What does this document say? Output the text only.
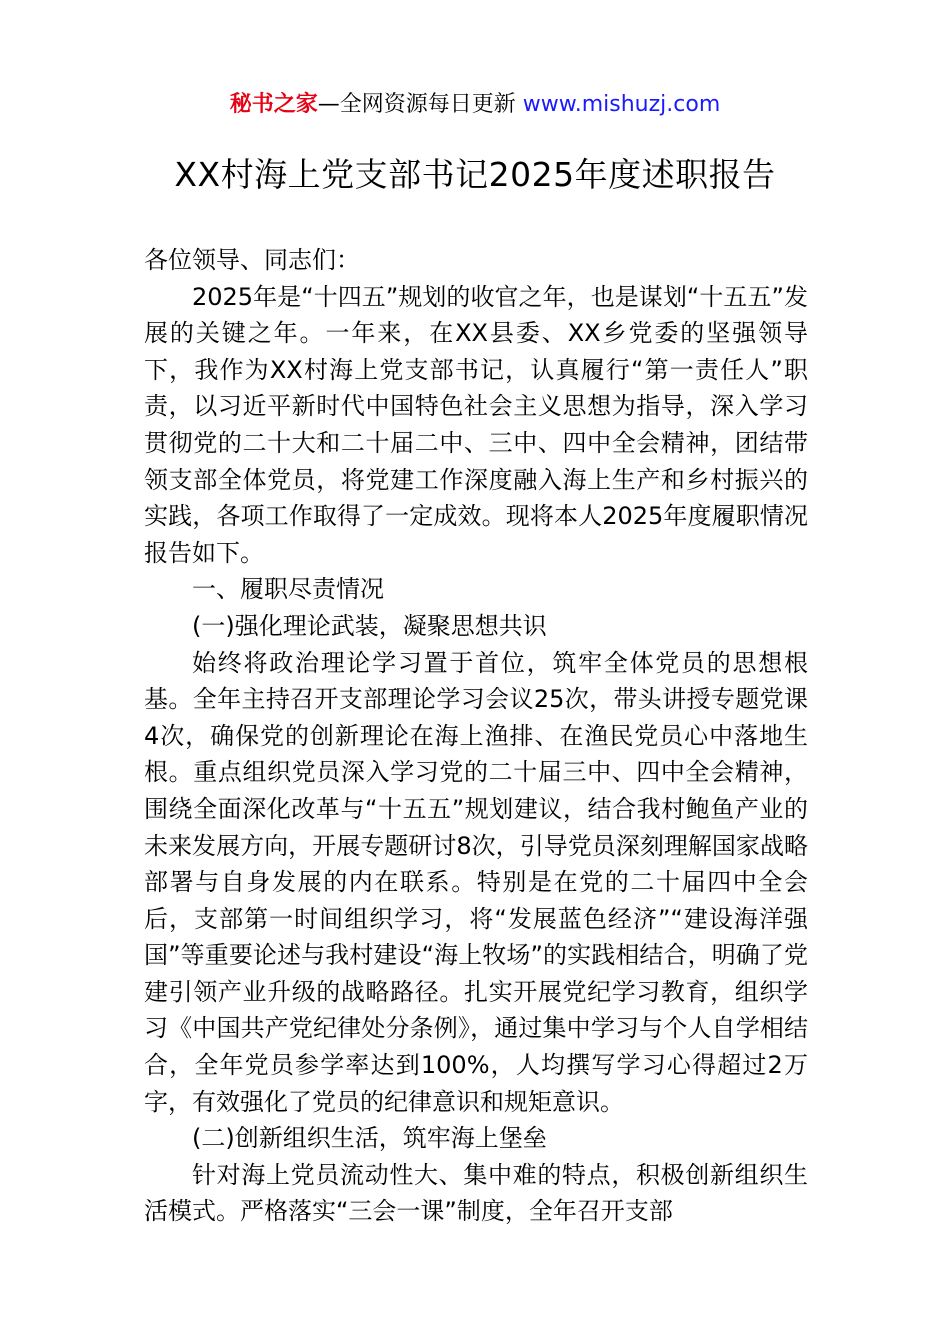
秘书之家—全网资源每日更新 www.mishuzj.com
XX村海上党支部书记2025年度述职报告

各位领导、同志们：

2025年是“十四五”规划的收官之年，也是谋划“十五五”发展的关键之年。一年来，在XX县委、XX乡党委的坚强领导下，我作为XX村海上党支部书记，认真履行“第一责任人”职责，以习近平新时代中国特色社会主义思想为指导，深入学习贯彻党的二十大和二十届二中、三中、四中全会精神，团结带领支部全体党员，将党建工作深度融入海上生产和乡村振兴的实践，各项工作取得了一定成效。现将本人2025年度履职情况报告如下。

一、履职尽责情况

(一)强化理论武装，凝聚思想共识

始终将政治理论学习置于首位，筑牢全体党员的思想根基。全年主持召开支部理论学习会议25次，带头讲授专题党课4次，确保党的创新理论在海上渔排、在渔民党员心中落地生根。重点组织党员深入学习党的二十届三中、四中全会精神，围绕全面深化改革与“十五五”规划建议，结合我村鲍鱼产业的未来发展方向，开展专题研讨8次，引导党员深刻理解国家战略部署与自身发展的内在联系。特别是在党的二十届四中全会后，支部第一时间组织学习，将“发展蓝色经济”“建设海洋强国”等重要论述与我村建设“海上牧场”的实践相结合，明确了党建引领产业升级的战略路径。扎实开展党纪学习教育，组织学习《中国共产党纪律处分条例》，通过集中学习与个人自学相结合，全年党员参学率达到100%，人均撰写学习心得超过2万字，有效强化了党员的纪律意识和规矩意识。

(二)创新组织生活，筑牢海上堡垒

针对海上党员流动性大、集中难的特点，积极创新组织生活模式。严格落实“三会一课”制度，全年召开支部
